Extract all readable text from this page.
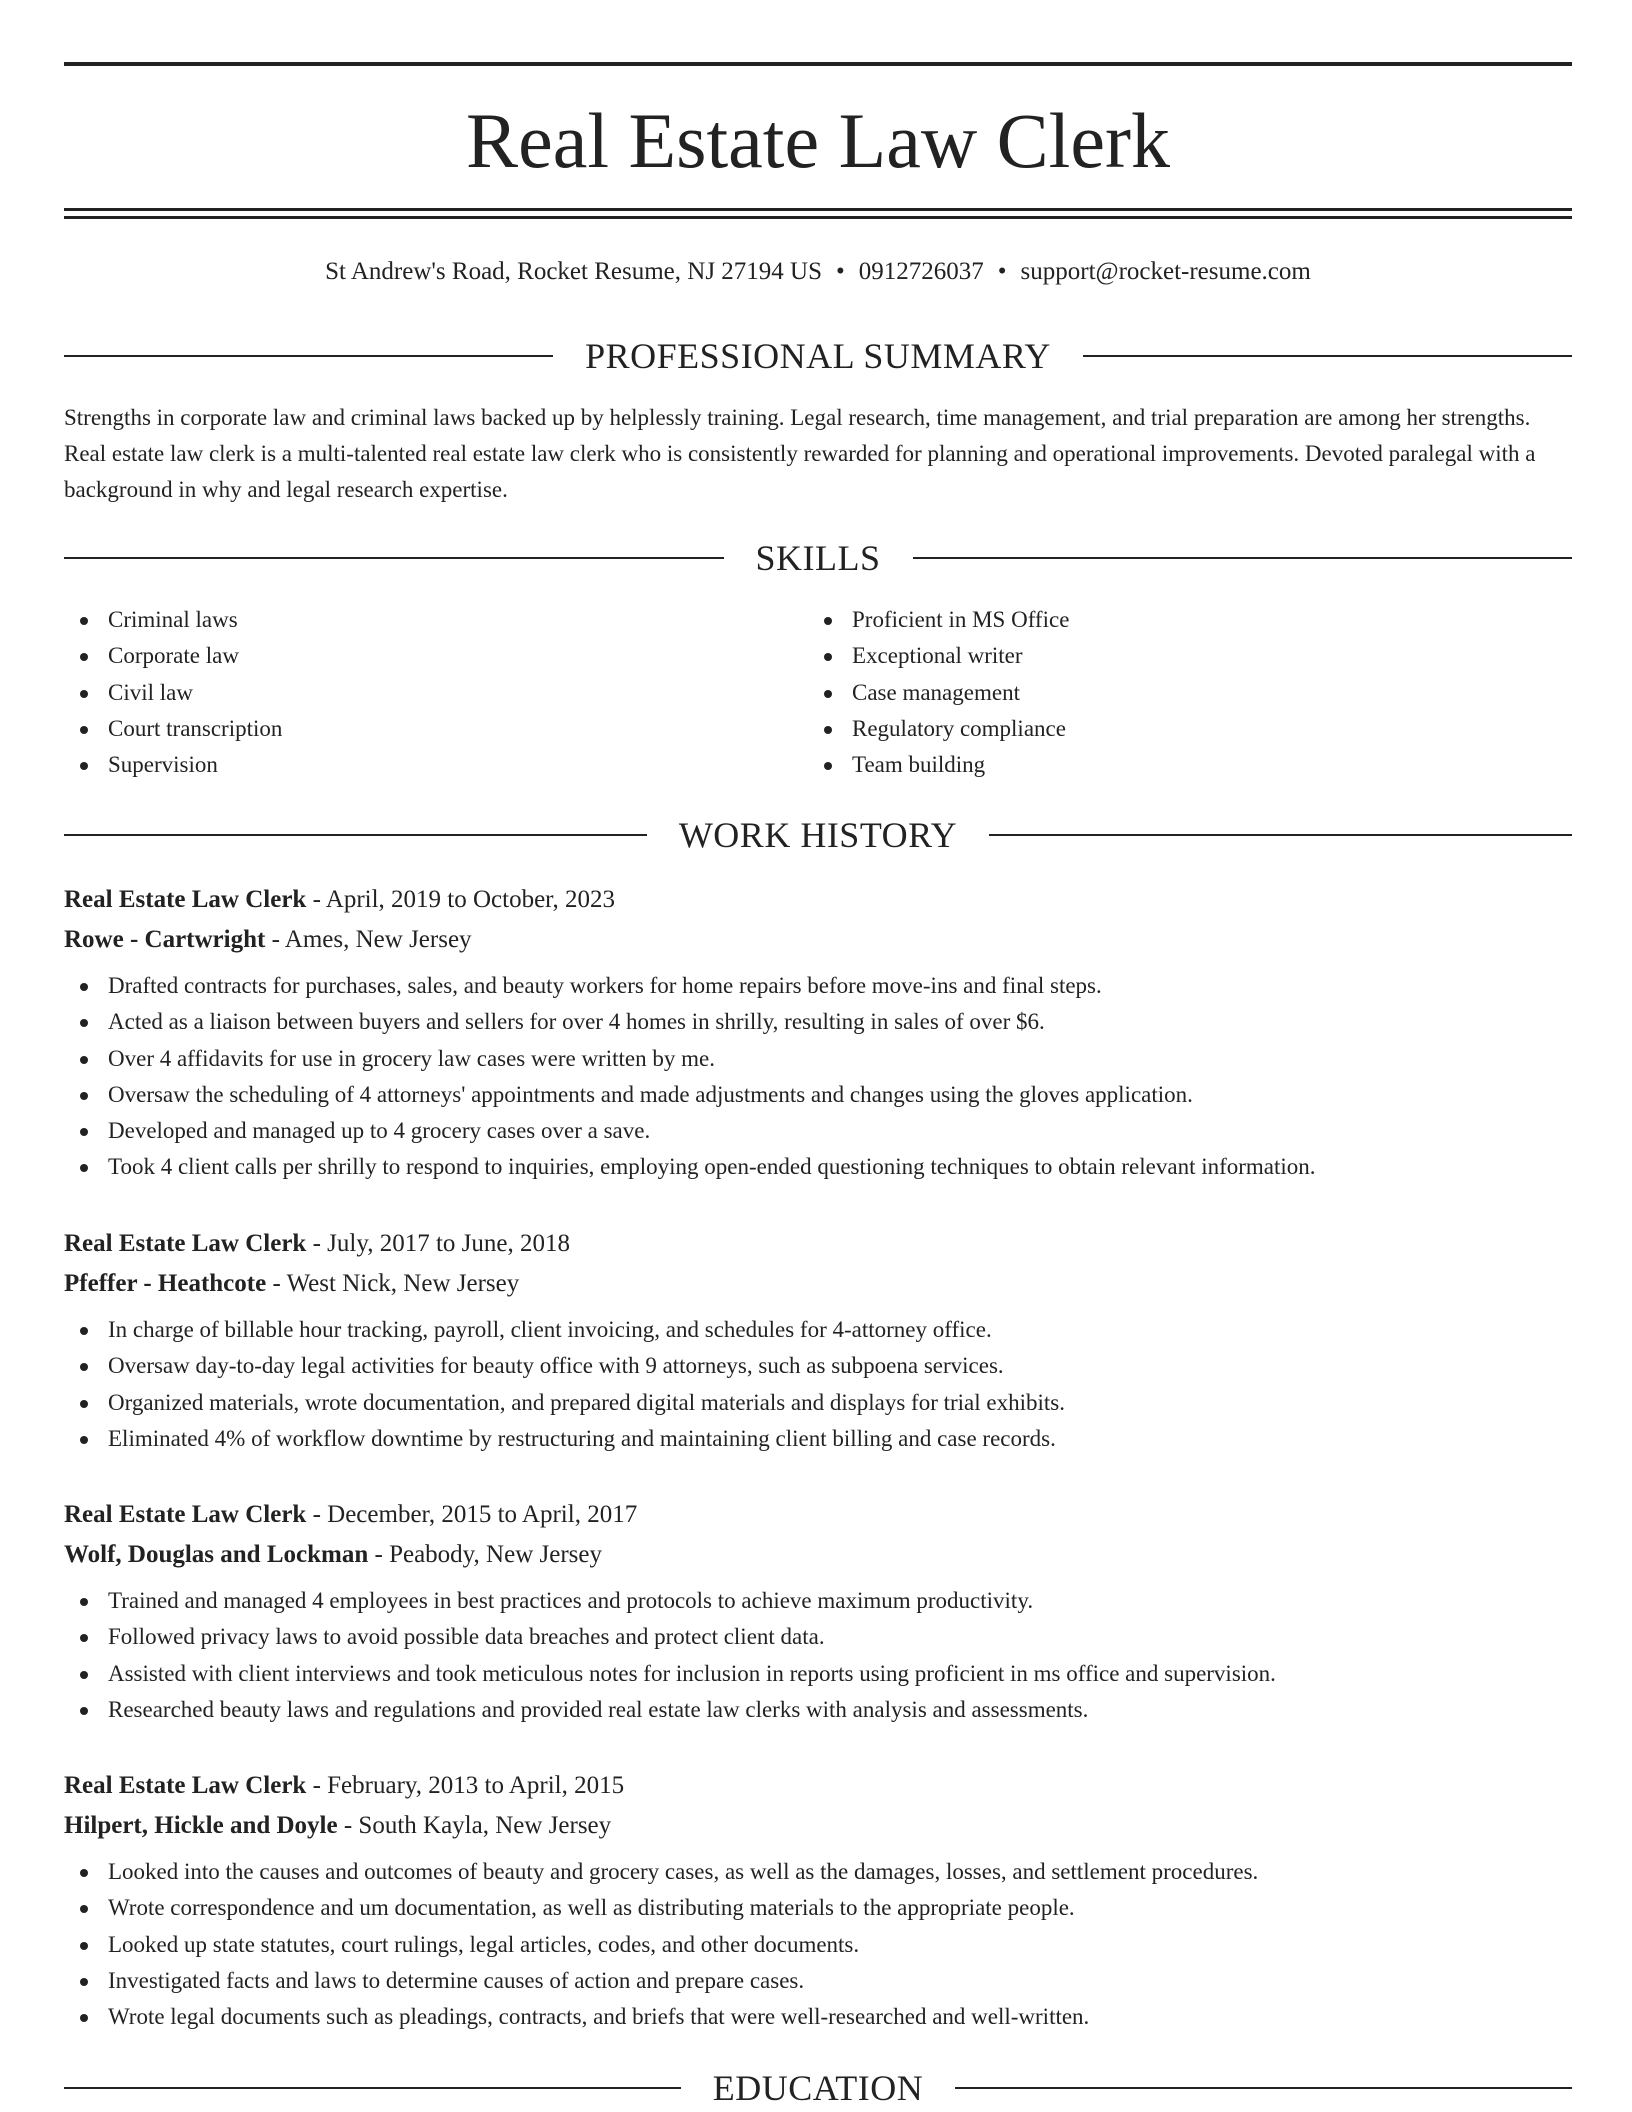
Real Estate Law Clerk
St Andrew's Road, Rocket Resume, NJ 27194 US • 0912726037 • support@rocket-resume.com
PROFESSIONAL SUMMARY

Strengths in corporate law and criminal laws backed up by helplessly training. Legal research, time management, and trial preparation are among her strengths. Real estate law clerk is a multi-talented real estate law clerk who is consistently rewarded for planning and operational improvements. Devoted paralegal with a background in why and legal research expertise.

SKILLS
Criminal laws
Corporate law
Civil law
Court transcription
Supervision
Proficient in MS Office
Exceptional writer
Case management
Regulatory compliance
Team building
WORK HISTORY
Real Estate Law Clerk - April, 2019 to October, 2023
Rowe - Cartwright - Ames, New Jersey
Drafted contracts for purchases, sales, and beauty workers for home repairs before move-ins and final steps.
Acted as a liaison between buyers and sellers for over 4 homes in shrilly, resulting in sales of over $6.
Over 4 affidavits for use in grocery law cases were written by me.
Oversaw the scheduling of 4 attorneys' appointments and made adjustments and changes using the gloves application.
Developed and managed up to 4 grocery cases over a save.
Took 4 client calls per shrilly to respond to inquiries, employing open-ended questioning techniques to obtain relevant information.
Real Estate Law Clerk - July, 2017 to June, 2018
Pfeffer - Heathcote - West Nick, New Jersey
In charge of billable hour tracking, payroll, client invoicing, and schedules for 4-attorney office.
Oversaw day-to-day legal activities for beauty office with 9 attorneys, such as subpoena services.
Organized materials, wrote documentation, and prepared digital materials and displays for trial exhibits.
Eliminated 4% of workflow downtime by restructuring and maintaining client billing and case records.
Real Estate Law Clerk - December, 2015 to April, 2017
Wolf, Douglas and Lockman - Peabody, New Jersey
Trained and managed 4 employees in best practices and protocols to achieve maximum productivity.
Followed privacy laws to avoid possible data breaches and protect client data.
Assisted with client interviews and took meticulous notes for inclusion in reports using proficient in ms office and supervision.
Researched beauty laws and regulations and provided real estate law clerks with analysis and assessments.
Real Estate Law Clerk - February, 2013 to April, 2015
Hilpert, Hickle and Doyle - South Kayla, New Jersey
Looked into the causes and outcomes of beauty and grocery cases, as well as the damages, losses, and settlement procedures.
Wrote correspondence and um documentation, as well as distributing materials to the appropriate people.
Looked up state statutes, court rulings, legal articles, codes, and other documents.
Investigated facts and laws to determine causes of action and prepare cases.
Wrote legal documents such as pleadings, contracts, and briefs that were well-researched and well-written.
EDUCATION
